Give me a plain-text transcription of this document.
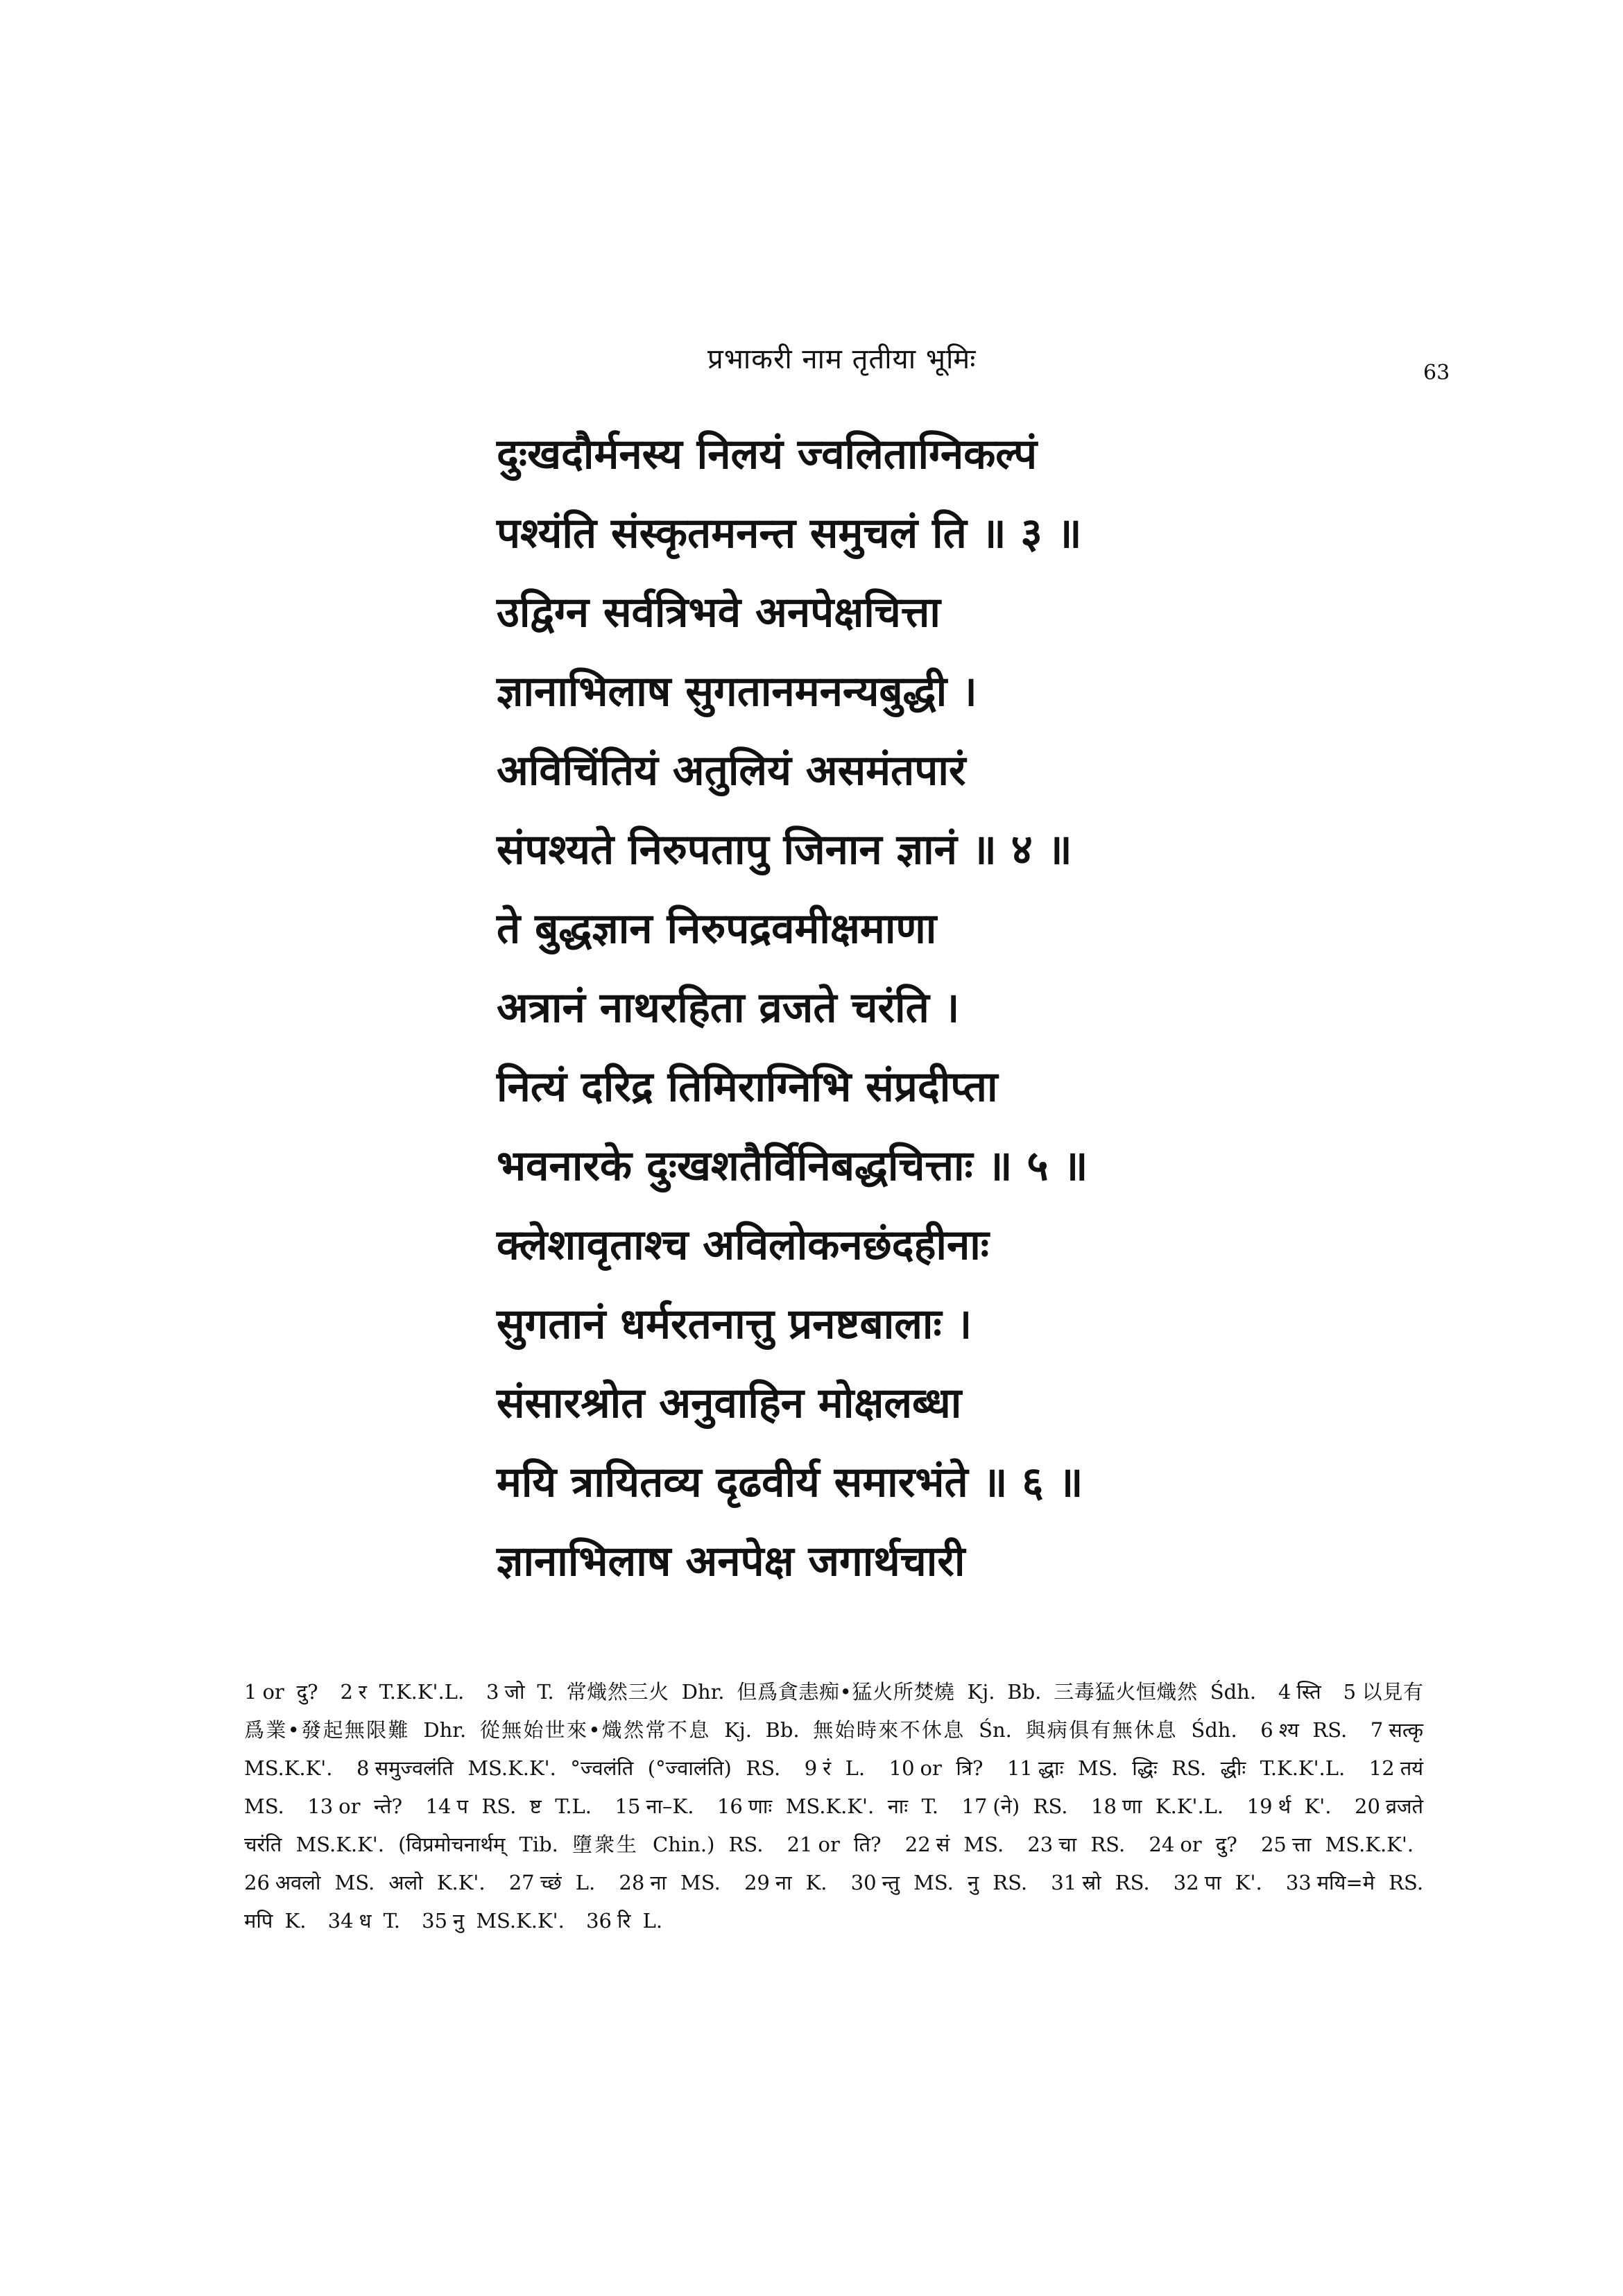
प्रभाकरी नाम तृतीया भूमिः	63
दुःखदौर्मनस्य निलयं ज्वलिताग्निकल्पं
पश्यंति संस्कृतमनन्त समुचलं ति ॥ ३ ॥
उद्विग्न सर्वत्रिभवे अनपेक्षचित्ता
ज्ञानाभिलाष सुगतानमनन्यबुद्धी ।
अविचिंतियं अतुलियं असमंतपारं
संपश्यते निरुपतापु जिनान ज्ञानं ॥ ४ ॥
ते बुद्धज्ञान निरुपद्रवमीक्षमाणा
अत्रानं नाथरहिता व्रजते चरंति ।
नित्यं दरिद्र तिमिराग्निभि संप्रदीप्ता
भवनारके दुःखशतैर्विनिबद्धचित्ताः ॥ ५ ॥
क्लेशावृताश्च अविलोकनछंदहीनाः
सुगतानं धर्मरतनात्तु प्रनष्टबालाः ।
संसारश्रोत अनुवाहिन मोक्षलब्धा
मयि त्रायितव्य दृढवीर्य समारभंते ॥ ६ ॥
ज्ञानाभिलाष अनपेक्ष जगार्थचारी
1 or दु? 2 र T.K.K'.L. 3 जो T. 常熾然三火 Dhr. 但爲貪恚痴•猛火所焚燒 Kj. Bb. 三毒猛火恒熾然 Śdh. 4 स्ति 5 以見有爲業•發起無限難 Dhr. 從無始世來•熾然常不息 Kj. Bb. 無始時來不休息 Śn. 與病俱有無休息 Śdh. 6 श्य RS. 7 सत्कृ MS.K.K'. 8 समुज्वलंति MS.K.K'. °ज्वलंति (°ज्वालंति) RS. 9 रं L. 10 or त्रि? 11 द्धाः MS. द्धिः RS. द्धीः T.K.K'.L. 12 तयं MS. 13 or न्ते? 14 प RS. ष्ट T.L. 15 ना–K. 16 णाः MS.K.K'. नाः T. 17 (ने) RS. 18 णा K.K'.L. 19 र्थ K'. 20 व्रजते चरंति MS.K.K'. (विप्रमोचनार्थम् Tib. 墮衆生 Chin.) RS. 21 or ति? 22 सं MS. 23 चा RS. 24 or दु? 25 त्ता MS.K.K'. 26 अवलो MS. अलो K.K'. 27 च्छं L. 28 ना MS. 29 ना K. 30 न्तु MS. नु RS. 31 स्रो RS. 32 पा K'. 33 मयि=मे RS. मपि K. 34 ध T. 35 नु MS.K.K'. 36 रि L.
